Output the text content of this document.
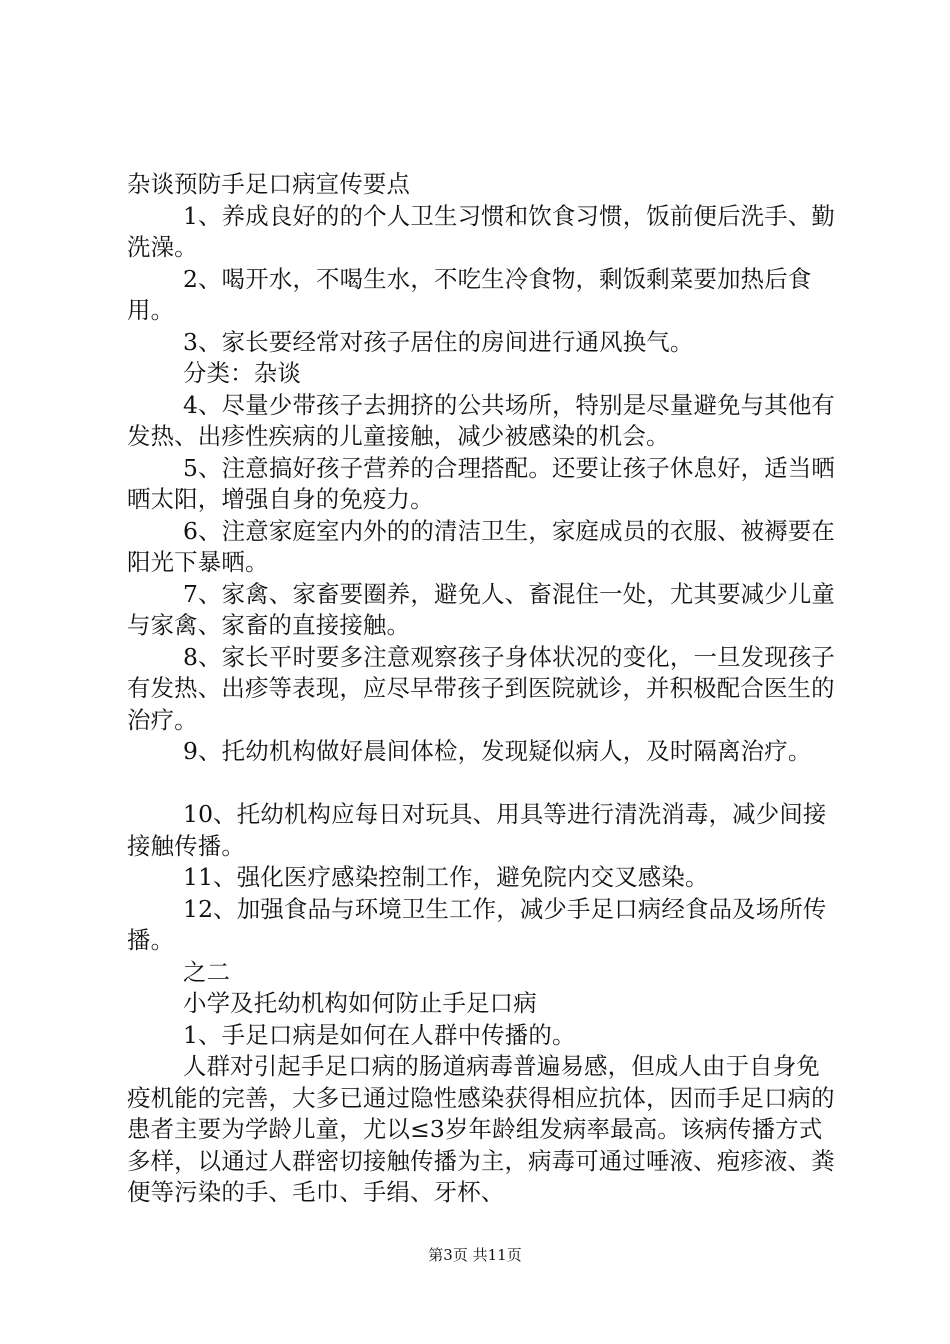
杂谈预防手足口病宣传要点

1、养成良好的的个人卫生习惯和饮食习惯，饭前便后洗手、勤洗澡。

2、喝开水，不喝生水，不吃生冷食物，剩饭剩菜要加热后食用。

3、家长要经常对孩子居住的房间进行通风换气。

分类：杂谈

4、尽量少带孩子去拥挤的公共场所，特别是尽量避免与其他有发热、出疹性疾病的儿童接触，减少被感染的机会。

5、注意搞好孩子营养的合理搭配。还要让孩子休息好，适当晒晒太阳，增强自身的免疫力。

6、注意家庭室内外的的清洁卫生，家庭成员的衣服、被褥要在阳光下暴晒。

7、家禽、家畜要圈养，避免人、畜混住一处，尤其要减少儿童与家禽、家畜的直接接触。

8、家长平时要多注意观察孩子身体状况的变化，一旦发现孩子有发热、出疹等表现，应尽早带孩子到医院就诊，并积极配合医生的治疗。

9、托幼机构做好晨间体检，发现疑似病人，及时隔离治疗。

10、托幼机构应每日对玩具、用具等进行清洗消毒，减少间接接触传播。

11、强化医疗感染控制工作，避免院内交叉感染。

12、加强食品与环境卫生工作，减少手足口病经食品及场所传播。

之二

小学及托幼机构如何防止手足口病

1、手足口病是如何在人群中传播的。

人群对引起手足口病的肠道病毒普遍易感，但成人由于自身免疫机能的完善，大多已通过隐性感染获得相应抗体，因而手足口病的患者主要为学龄儿童，尤以≤3岁年龄组发病率最高。该病传播方式多样，以通过人群密切接触传播为主，病毒可通过唾液、疱疹液、粪便等污染的手、毛巾、手绢、牙杯、

第3页 共11页
